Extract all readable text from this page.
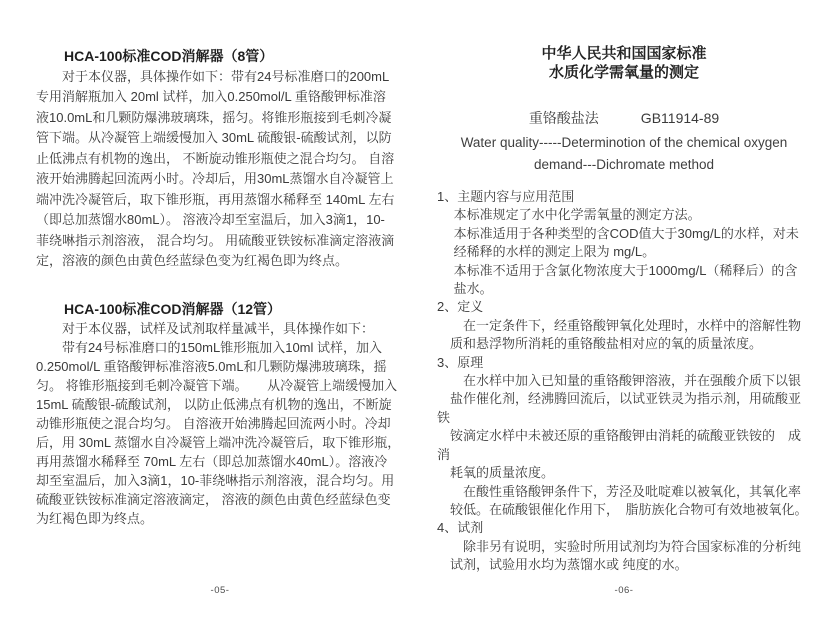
HCA-100标准COD消解器（8管）
　　对于本仪器，具体操作如下：带有24号标准磨口的200mL
专用消解瓶加入 20ml 试样，加入0.250mol/L 重铬酸钾标准溶
液10.0mL和几颗防爆沸玻璃珠，摇匀。将锥形瓶接到毛刺冷凝
管下端。从冷凝管上端缓慢加入 30mL 硫酸银-硫酸试剂，以防
止低沸点有机物的逸出， 不断旋动锥形瓶使之混合均匀。 自溶
液开始沸腾起回流两小时。冷却后，用30mL蒸馏水自冷凝管上
端冲洗冷凝管后，取下锥形瓶，再用蒸馏水稀释至 140mL 左右
（即总加蒸馏水80mL）。 溶液冷却至室温后，加入3滴1，10-
菲绕啉指示剂溶液， 混合均匀。 用硫酸亚铁铵标准滴定溶液滴
定，溶液的颜色由黄色经蓝绿色变为红褐色即为终点。
HCA-100标准COD消解器（12管）
　　对于本仪器，试样及试剂取样量减半，具体操作如下：
　　带有24号标准磨口的150mL锥形瓶加入10ml 试样，加入
0.250mol/L 重铬酸钾标准溶液5.0mL和几颗防爆沸玻璃珠，摇
匀。 将锥形瓶接到毛刺冷凝管下端。　　从冷凝管上端缓慢加入
15mL 硫酸银-硫酸试剂， 以防止低沸点有机物的逸出，不断旋
动锥形瓶使之混合均匀。 自溶液开始沸腾起回流两小时。冷却
后，用 30mL 蒸馏水自冷凝管上端冲洗冷凝管后，取下锥形瓶，
再用蒸馏水稀释至 70mL 左右（即总加蒸馏水40mL）。溶液冷
却至室温后，加入3滴1，10-菲绕啉指示剂溶液，混合均匀。用
硫酸亚铁铵标准滴定溶液滴定， 溶液的颜色由黄色经蓝绿色变
为红褐色即为终点。
中华人民共和国国家标准
水质化学需氧量的测定
重铬酸盐法　　　GB11914-89
Water quality-----Determinotion of the chemical oxygen
demand---Dichromate method
1、主题内容与应用范围
　 本标准规定了水中化学需氧量的测定方法。
　 本标准适用于各种类型的含COD值大于30mg/L的水样，对未
　 经稀释的水样的测定上限为 mg/L。
　 本标准不适用于含氯化物浓度大于1000mg/L（稀释后）的含
　 盐水。
2、定义
　　在一定条件下，经重铬酸钾氧化处理时，水样中的溶解性物
　质和悬浮物所消耗的重铬酸盐相对应的氧的质量浓度。
3、原理
　　在水样中加入已知量的重铬酸钾溶液，并在强酸介质下以银
　盐作催化剂，经沸腾回流后，以试亚铁灵为指示剂，用硫酸亚铁
　铵滴定水样中未被还原的重铬酸钾由消耗的硫酸亚铁铵的　成消
　耗氧的质量浓度。
　　在酸性重铬酸钾条件下，芳泾及吡啶难以被氧化，其氧化率
　较低。在硫酸银催化作用下，　脂肪族化合物可有效地被氧化。
4、试剂
　　除非另有说明，实验时所用试剂均为符合国家标准的分析纯
　试剂，试验用水均为蒸馏水或 纯度的水。
-05-	-06-
